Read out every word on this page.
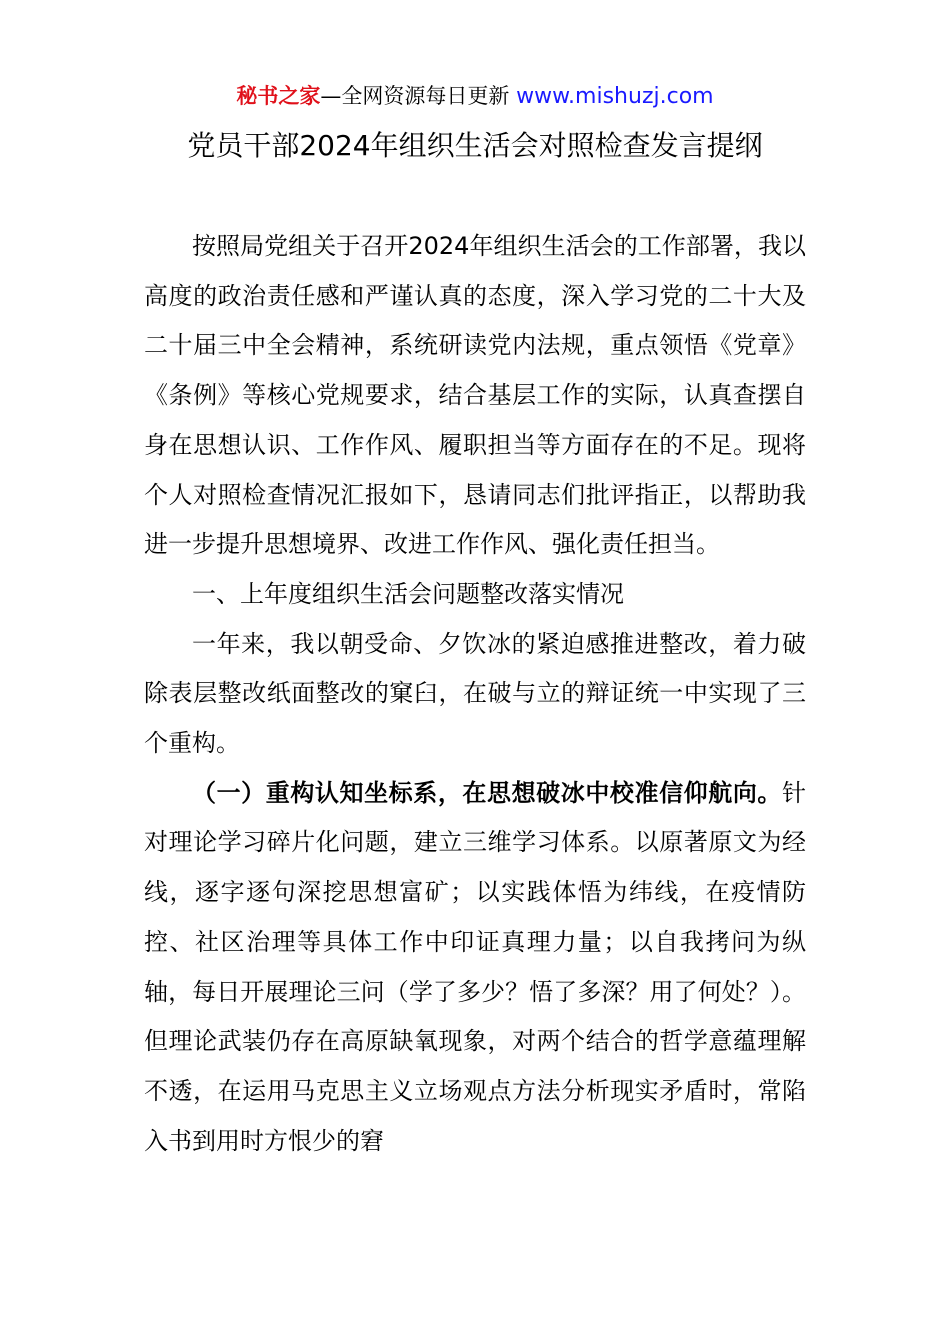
秘书之家—全网资源每日更新 www.mishuzj.com
党员干部2024年组织生活会对照检查发言提纲

按照局党组关于召开2024年组织生活会的工作部署，我以高度的政治责任感和严谨认真的态度，深入学习党的二十大及二十届三中全会精神，系统研读党内法规，重点领悟《党章》《条例》等核心党规要求，结合基层工作的实际，认真查摆自身在思想认识、工作作风、履职担当等方面存在的不足。现将个人对照检查情况汇报如下，恳请同志们批评指正，以帮助我进一步提升思想境界、改进工作作风、强化责任担当。

一、上年度组织生活会问题整改落实情况

一年来，我以朝受命、夕饮冰的紧迫感推进整改，着力破除表层整改纸面整改的窠臼，在破与立的辩证统一中实现了三个重构。

（一）重构认知坐标系，在思想破冰中校准信仰航向。针对理论学习碎片化问题，建立三维学习体系。以原著原文为经线，逐字逐句深挖思想富矿；以实践体悟为纬线，在疫情防控、社区治理等具体工作中印证真理力量；以自我拷问为纵轴，每日开展理论三问（学了多少？悟了多深？用了何处？）。但理论武装仍存在高原缺氧现象，对两个结合的哲学意蕴理解不透，在运用马克思主义立场观点方法分析现实矛盾时，常陷入书到用时方恨少的窘
